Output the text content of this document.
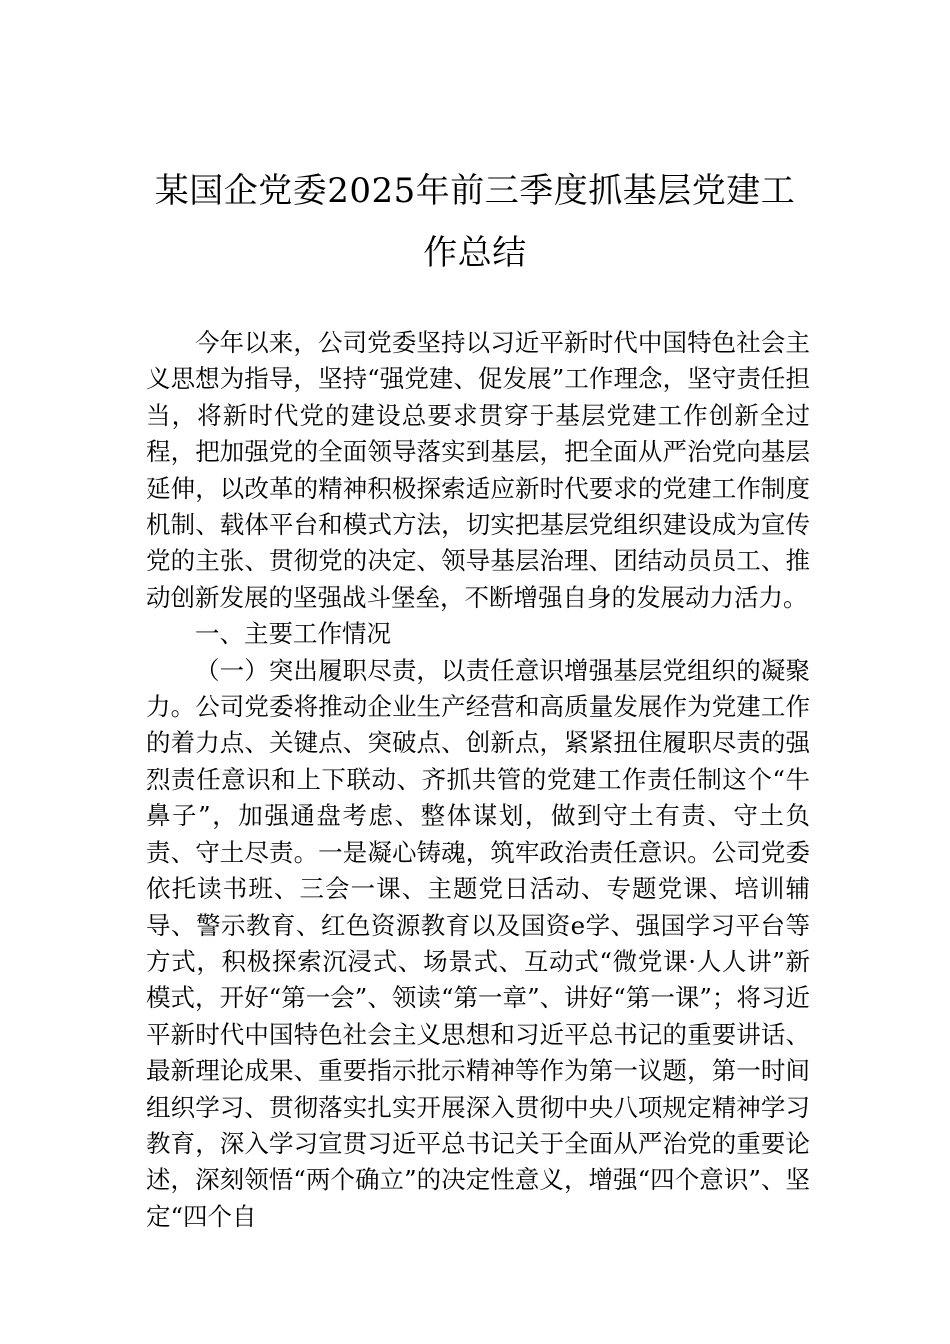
某国企党委2025年前三季度抓基层党建工作总结

今年以来，公司党委坚持以习近平新时代中国特色社会主义思想为指导，坚持“强党建、促发展”工作理念，坚守责任担当，将新时代党的建设总要求贯穿于基层党建工作创新全过程，把加强党的全面领导落实到基层，把全面从严治党向基层延伸，以改革的精神积极探索适应新时代要求的党建工作制度机制、载体平台和模式方法，切实把基层党组织建设成为宣传党的主张、贯彻党的决定、领导基层治理、团结动员员工、推动创新发展的坚强战斗堡垒，不断增强自身的发展动力活力。

一、主要工作情况

（一）突出履职尽责，以责任意识增强基层党组织的凝聚力。公司党委将推动企业生产经营和高质量发展作为党建工作的着力点、关键点、突破点、创新点，紧紧扭住履职尽责的强烈责任意识和上下联动、齐抓共管的党建工作责任制这个“牛鼻子”，加强通盘考虑、整体谋划，做到守土有责、守土负责、守土尽责。一是凝心铸魂，筑牢政治责任意识。公司党委依托读书班、三会一课、主题党日活动、专题党课、培训辅导、警示教育、红色资源教育以及国资e学、强国学习平台等方式，积极探索沉浸式、场景式、互动式“微党课·人人讲”新模式，开好“第一会”、领读“第一章”、讲好“第一课”；将习近平新时代中国特色社会主义思想和习近平总书记的重要讲话、最新理论成果、重要指示批示精神等作为第一议题，第一时间组织学习、贯彻落实扎实开展深入贯彻中央八项规定精神学习教育，深入学习宣贯习近平总书记关于全面从严治党的重要论述，深刻领悟“两个确立”的决定性意义，增强“四个意识”、坚定“四个自
